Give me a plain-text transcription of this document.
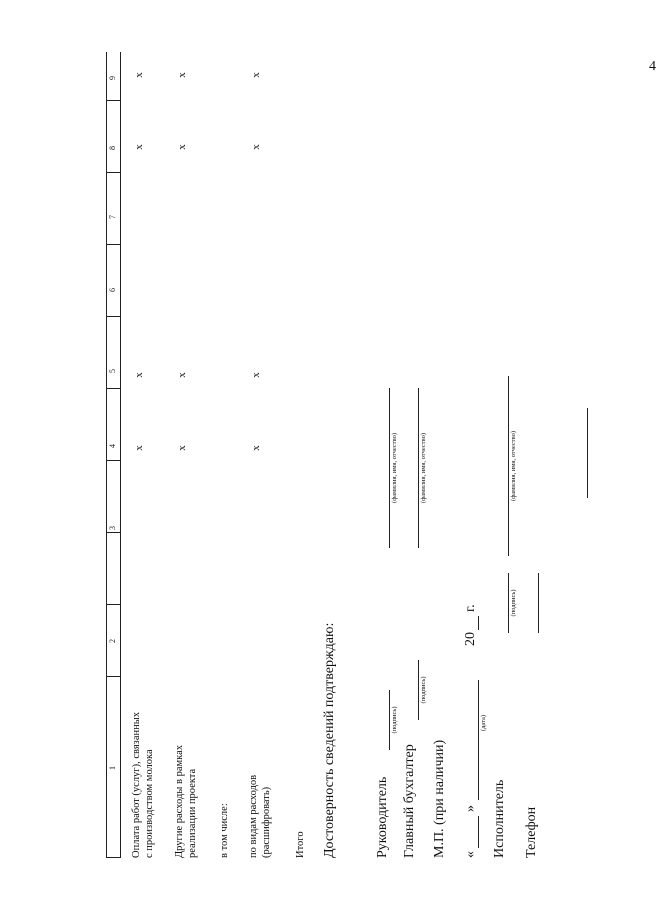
4
1
2
3
4
5
6
7
8
9
Оплата работ (услуг), связанных с производством молока
х
х
х
х
Другие расходы в рамках реализации проекта
х
х
х
х
в том числе: по видам расходов (расшифровать)
х
х
х
х
Итого Достоверность сведений подтверждаю:	Руководитель
(подпись)
(фамилия, имя, отчество)
Главный бухгалтер
(подпись)
(фамилия, имя, отчество)
М.П. (при наличии) «
»
(дата)
20
г.
Исполнитель
(подпись)
(фамилия, имя, отчество)
Телефон
